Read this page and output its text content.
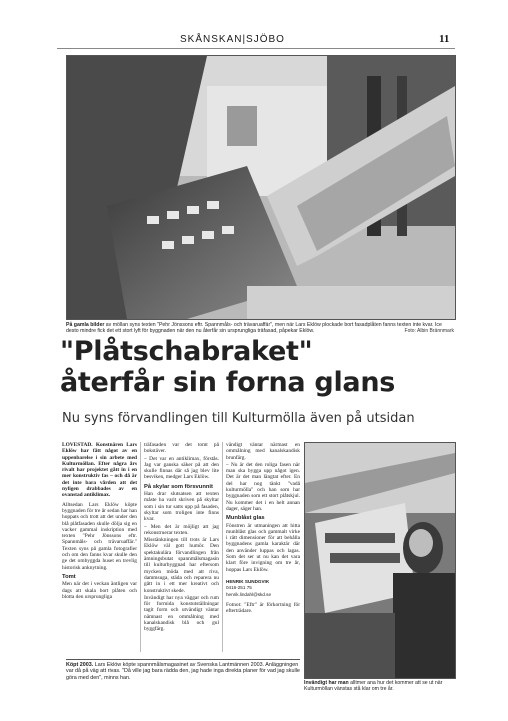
SKÅNSKAN|SJÖBO	11
På gamla bilder av möllan syns texten "Pehr Jönssons eftr. Spannmåls- och trävaruaffär", men när Lars Eklöw plockade bort fasadplåten fanns texten inte kvar. Ice desto mindre fick det ett stort lyft för byggnaden när den nu återfår sin ursprungliga träfasad, påpekar Eklöw.	Foto: Albin Brännmark
"Plåtschabraket"
återfår sin forna glans
Nu syns förvandlingen till Kulturmölla även på utsidan

LÖVESTAD. Konstnären Lars Eklöw har fått något av en uppenbarelse i sin arbete med Kulturmöllan. Efter några års rivalt har projektet gått in i en mer konstruktiv fas – och då är det inte bara vården att det nyligen drabbades av en ovanstad antiklimax.

Alltsedan Lars Eklöw köpte byggnaden för tre år sedan har han hoppats och trott att det under den blå plåtfasaden skulle dölja sig en vacker gammal inskription med texten "Pehr Jönssons eftr. Spannmåls- och trävaruaffär." Texten syns på gamla fotografier och om den fanns kvar skulle den ge det ombyggda huset en trevlig historisk anknytning.

Tomt

Men när det i veckan äntligen var dags att skala bort plåten och blotta den ursprungliga

träfasaden var det tomt på bokstäver.

– Det var en antiklimax, förstås. Jag var ganska säker på att den skulle finnas där så jag blev lite besviken, medger Lars Eklöw.

På skylar som försvunnit

Han drar slutsatsen att texten måste ha varit skriven på skyltar som i sin tur satts upp på fasaden, skyltar som troligen inte finns kvar.

– Men det är möjligt att jag rekonstruerar texten.

Misstänkningen till trots är Lars Eklöw väl gott humör. Den spektakulära förvandlingen från ämningsbutat spannmålsmagasin till kulturbyggnad har eftersom mycken möda med att riva, dammsuga, städa och reparera nu gått in i ett mer kreativt och konstruktivt skede.

Invändigt har nya väggar och rum för formida konstutställningar tagit form och utvändigt väntar nämnast en ommålning med kanalskandisk blå och gul byggfärg.

vändigt väntar närmast en ommålning med kanalskandisk brunfärg.

– Nu är det den roliga fasen när man ska bygga upp något igen. Det är det man längtat efter. En del har nog tänkt "vadå kulturmölla" och han som har byggnaden som ett stort plåtskjul. Nu kommer det i en helt annan dager, säger han.

Munblåst glas

Fönstren är utmaningen att hitta munblåst glas och gammalt virke i rätt dimensioner för att behålla byggnadens gamla karaktär där den använder luppas och lagas. Som det ser ut nu kan det vara klart före invigning om tre år, hoppas Lars Eklöw.

HENRIK SUNDGVIK
0416-251 75
henrik.lindahl@skd.se

Fotnot: "Eftr" är förkortning för efterträdare.

Köpt 2003. Lars Eklöw köpte spannmålsmagasinet av Svenska Lantmännen 2003. Anläggningen var då på väg att rivas. "Då ville jag bara rädda den, jag hade inga direkta planer för vad jag skulle göra med den", minns han.
Invändigt har man alltmer ana hur det kommer att se ut när Kulturmöllan vänstas stå klar om tre år.
